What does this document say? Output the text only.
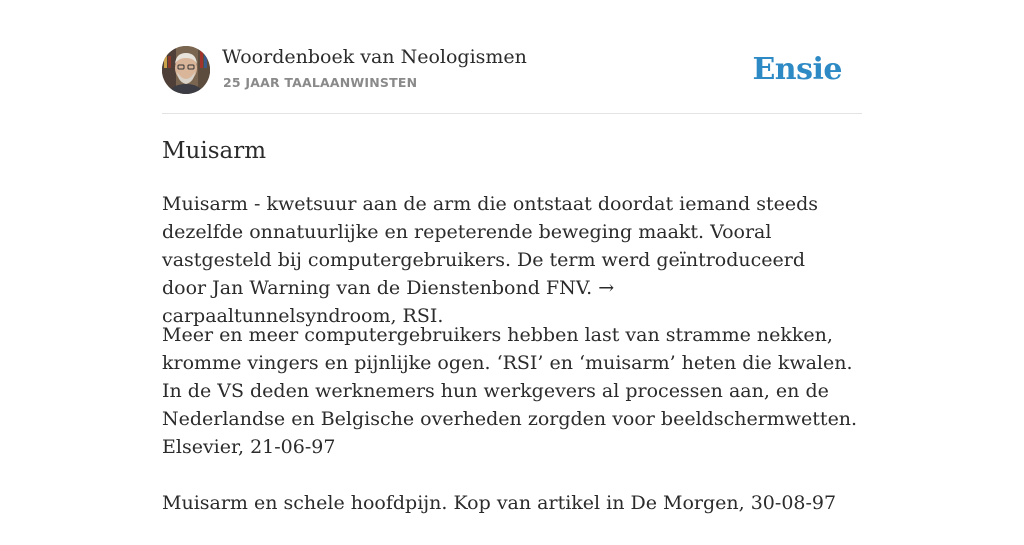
Woordenboek van Neologismen
25 JAAR TAALAANWINSTEN	Ensie
Muisarm

Muisarm - kwetsuur aan de arm die ontstaat doordat iemand steeds dezelfde onnatuurlijke en repeterende beweging maakt. Vooral vastgesteld bij computergebruikers. De term werd geïntroduceerd door Jan Warning van de Dienstenbond FNV. → carpaaltunnelsyndroom, RSI.

Meer en meer computergebruikers hebben last van stramme nekken, kromme vingers en pijnlijke ogen. ‘RSI’ en ‘muisarm’ heten die kwalen. In de VS deden werknemers hun werkgevers al processen aan, en de Nederlandse en Belgische overheden zorgden voor beeldschermwetten. Elsevier, 21-06-97

Muisarm en schele hoofdpijn. Kop van artikel in De Morgen, 30-08-97
